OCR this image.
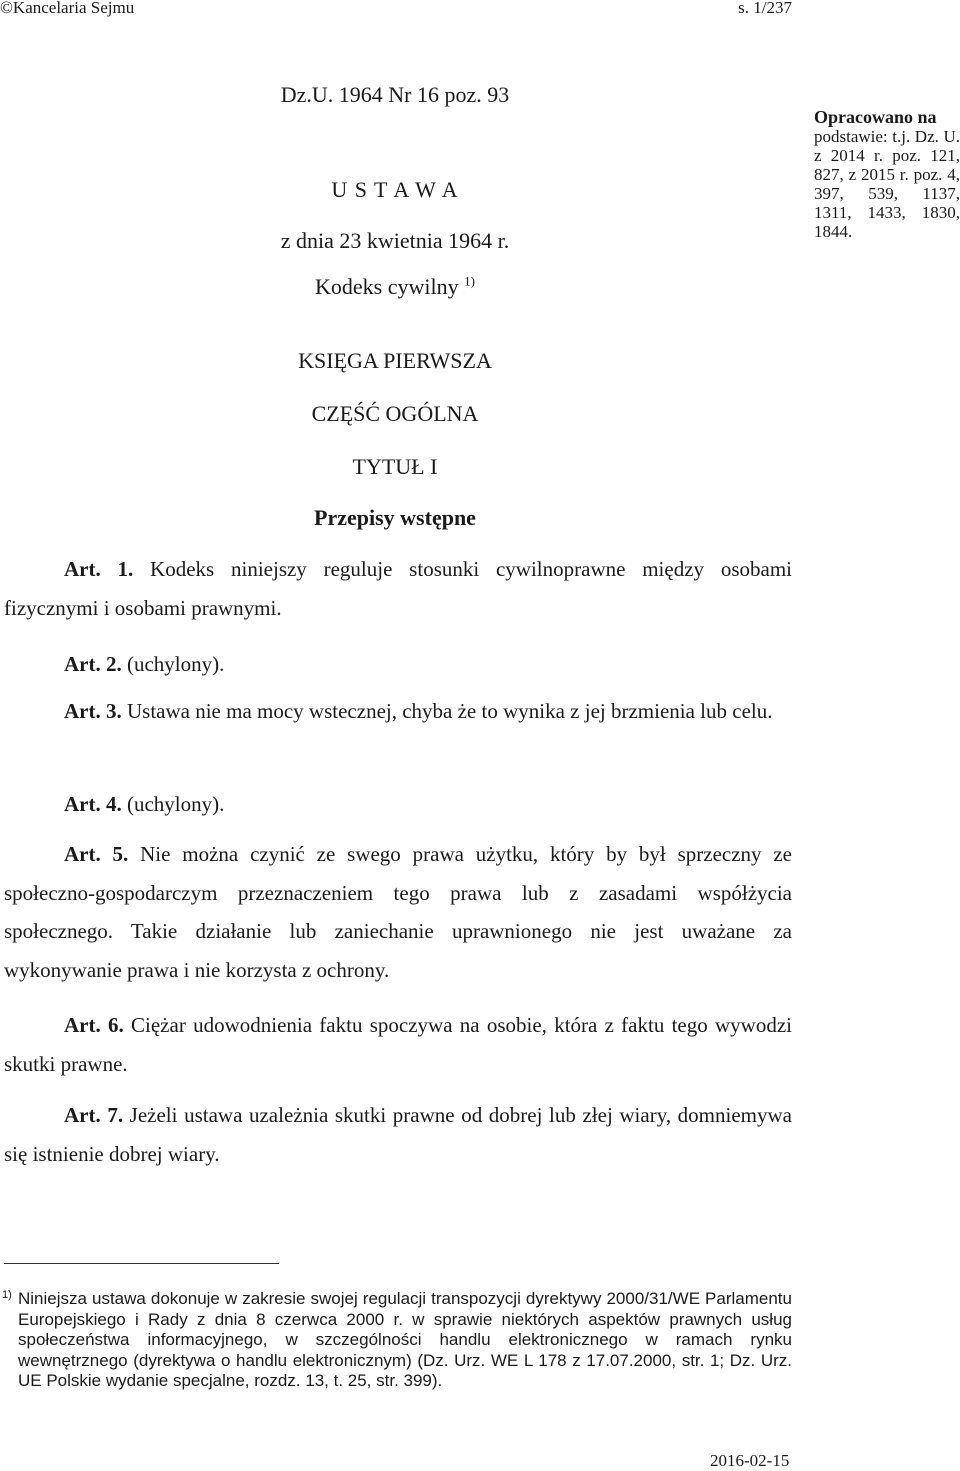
©Kancelaria Sejmu	s. 1/237
Dz.U. 1964 Nr 16 poz. 93
U S T A W A
z dnia 23 kwietnia 1964 r.
Kodeks cywilny $^{1)}$
Opracowano na
podstawie: t.j. Dz. U. z 2014 r. poz. 121, 827, z 2015 r. poz. 4, 397, 539, 1137, 1311, 1433, 1830, 1844.
KSIĘGA PIERWSZA
CZĘŚĆ OGÓLNA
TYTUŁ I
Przepisy wstępne
Art. 1. Kodeks niniejszy reguluje stosunki cywilnoprawne między osobami fizycznymi i osobami prawnymi.
Art. 2. (uchylony).
Art. 3. Ustawa nie ma mocy wstecznej, chyba że to wynika z jej brzmienia lub celu.
Art. 4. (uchylony).
Art. 5. Nie można czynić ze swego prawa użytku, który by był sprzeczny ze społeczno-gospodarczym przeznaczeniem tego prawa lub z zasadami współżycia społecznego. Takie działanie lub zaniechanie uprawnionego nie jest uważane za wykonywanie prawa i nie korzysta z ochrony.
Art. 6. Ciężar udowodnienia faktu spoczywa na osobie, która z faktu tego wywodzi skutki prawne.
Art. 7. Jeżeli ustawa uzależnia skutki prawne od dobrej lub złej wiary, domniemywa się istnienie dobrej wiary.
1) Niniejsza ustawa dokonuje w zakresie swojej regulacji transpozycji dyrektywy 2000/31/WE Parlamentu Europejskiego i Rady z dnia 8 czerwca 2000 r. w sprawie niektórych aspektów prawnych usług społeczeństwa informacyjnego, w szczególności handlu elektronicznego w ramach rynku wewnętrznego (dyrektywa o handlu elektronicznym) (Dz. Urz. WE L 178 z 17.07.2000, str. 1; Dz. Urz. UE Polskie wydanie specjalne, rozdz. 13, t. 25, str. 399).
2016-02-15
